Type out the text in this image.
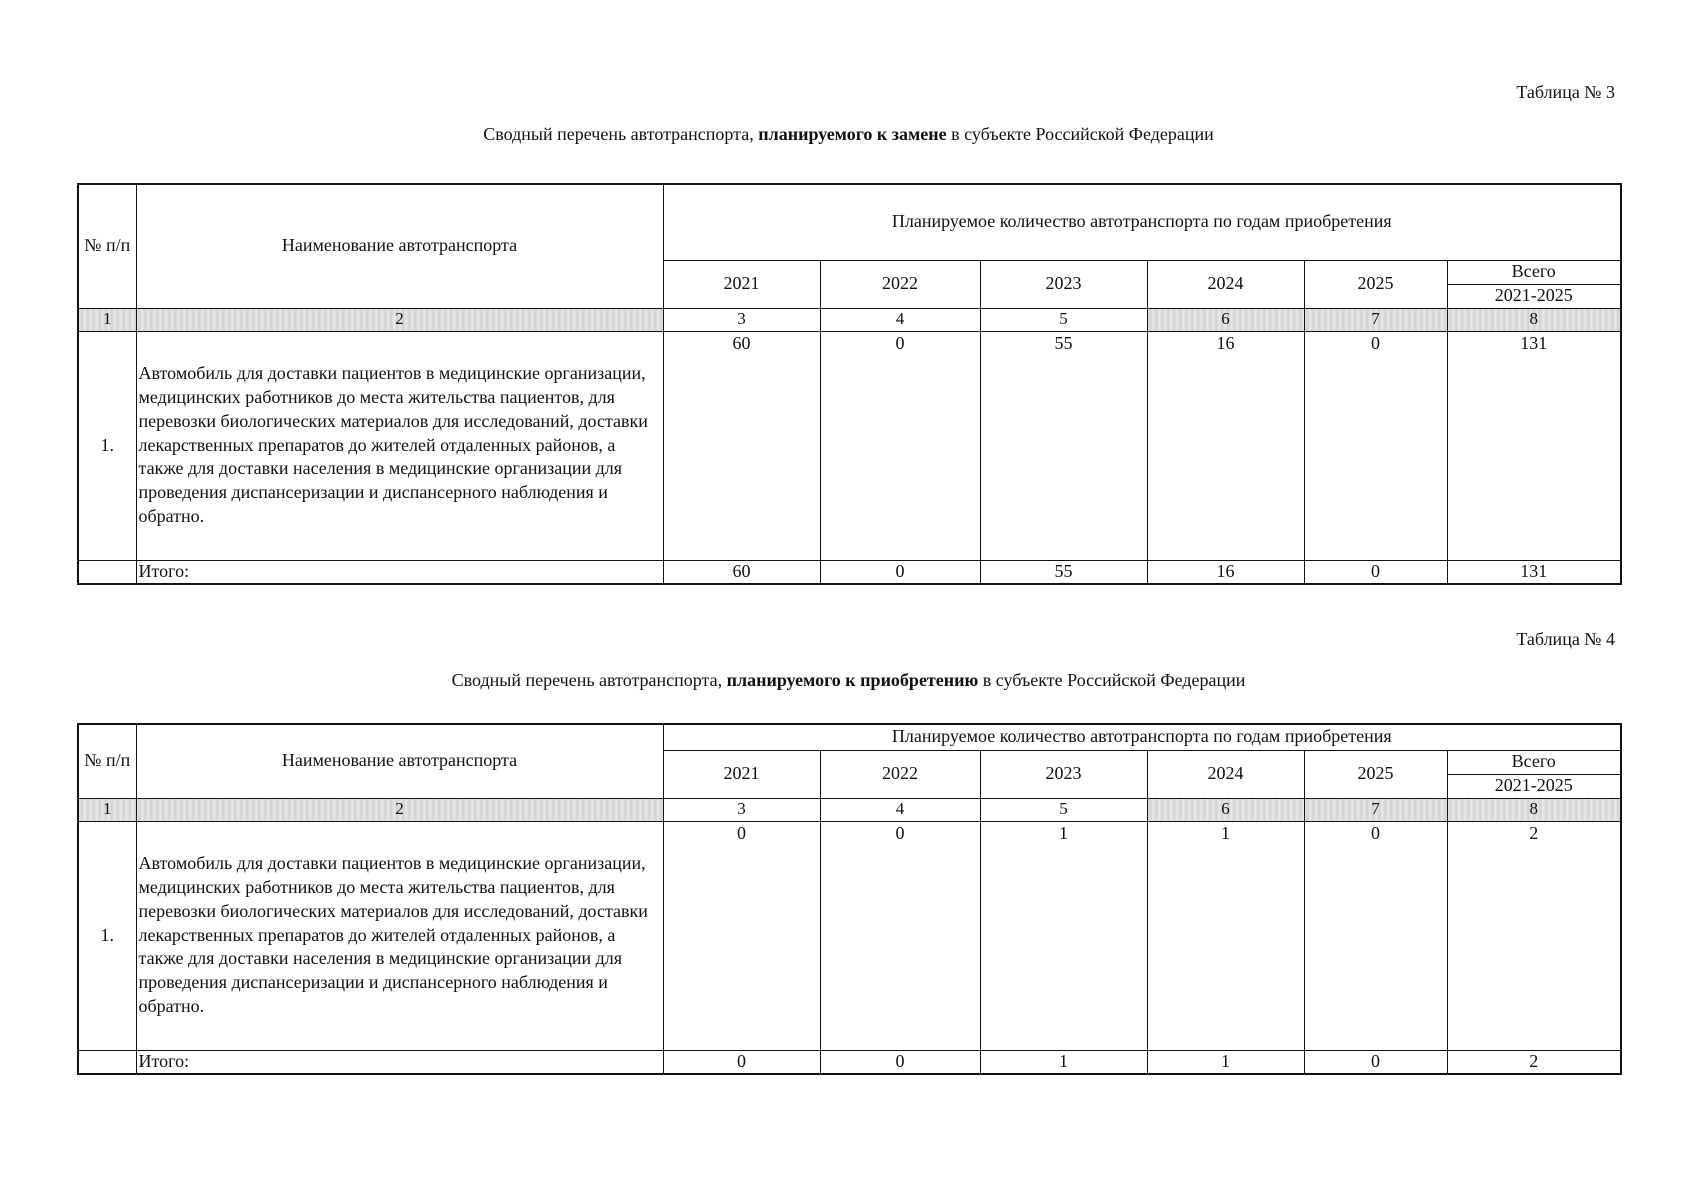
Таблица № 3
Сводный перечень автотранспорта, планируемого к замене в субъекте Российской Федерации
№ п/п	Наименование автотранспорта	Планируемое количество автотранспорта по годам приобретения					
		2021	2022	2023	2024	2025	Всего
							2021-2025
1	2	3	4	5	6	7	8
1.	Автомобиль для доставки пациентов в медицинские организации, медицинских работников до места жительства пациентов, для перевозки биологических материалов для исследований, доставки лекарственных препаратов до жителей отдаленных районов, а также для доставки населения в медицинские организации для проведения диспансеризации и диспансерного наблюдения и обратно.	60	0	55	16	0	131
	Итого:	60	0	55	16	0	131
Таблица № 4
Сводный перечень автотранспорта, планируемого к приобретению в субъекте Российской Федерации
№ п/п	Наименование автотранспорта	Планируемое количество автотранспорта по годам приобретения					
		2021	2022	2023	2024	2025	Всего
							2021-2025
1	2	3	4	5	6	7	8
1.	Автомобиль для доставки пациентов в медицинские организации, медицинских работников до места жительства пациентов, для перевозки биологических материалов для исследований, доставки лекарственных препаратов до жителей отдаленных районов, а также для доставки населения в медицинские организации для проведения диспансеризации и диспансерного наблюдения и обратно.	0	0	1	1	0	2
	Итого:	0	0	1	1	0	2
